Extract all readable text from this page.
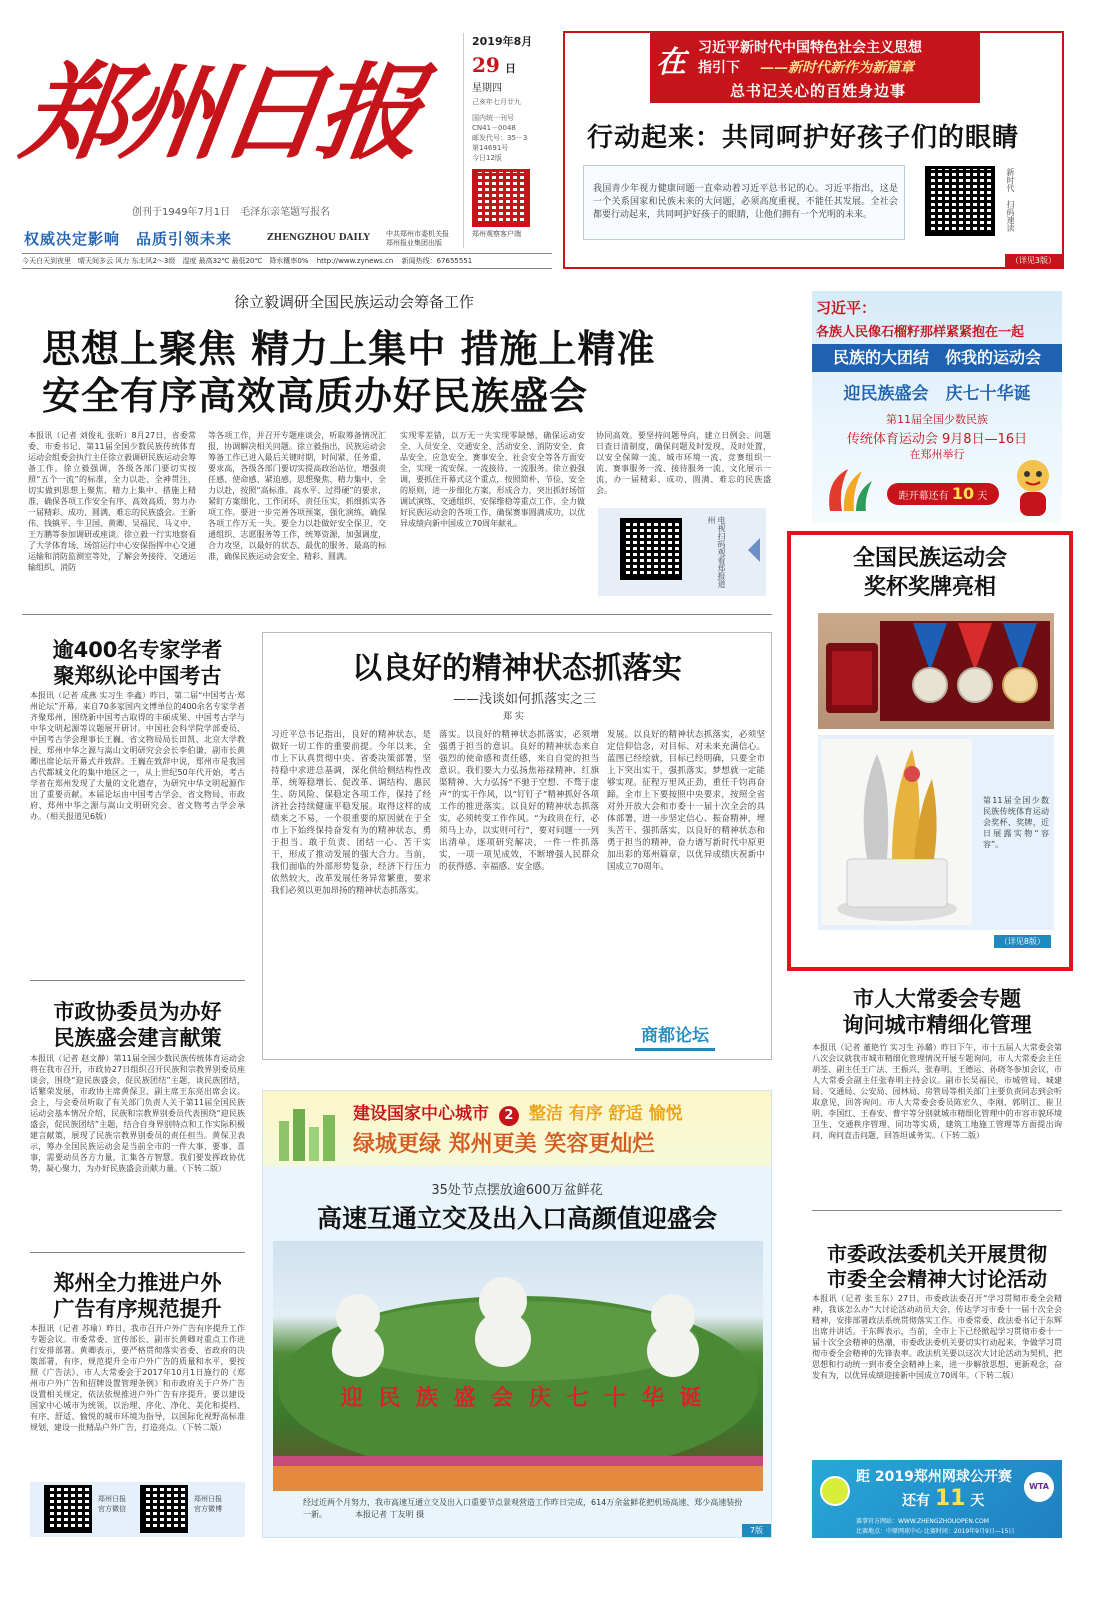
郑州日报
创刊于1949年7月1日　毛泽东亲笔题写报名
权威决定影响　品质引领未来	ZHENGZHOU DAILY 中共郑州市委机关报
郑州报业集团出版
2019年8月
29 日
星期四
己亥年七月廿九
国内统一刊号
CN41－0048
邮发代号：35－3
第14691号
今日12版
郑州观察客户端
在 习近平新时代中国特色社会主义思想
指引下 ——新时代新作为新篇章
总书记关心的百姓身边事
行动起来：共同呵护好孩子们的眼睛
我国青少年视力健康问题一直牵动着习近平总书记的心。习近平指出，这是一个关系国家和民族未来的大问题，必须高度重视，不能任其发展。全社会都要行动起来，共同呵护好孩子的眼睛，让他们拥有一个光明的未来。	新时代　扫码速读
（详见3版）
今天白天到夜里　晴天间多云 风力 东北风2～3级　湿度 最高32℃ 最低20℃　降水概率0% http://www.zynews.cn 新闻热线：67655551
徐立毅调研全国民族运动会筹备工作
思想上聚焦 精力上集中 措施上精准
安全有序高效高质办好民族盛会
本报讯（记者 刘俊礼 张昕）8月27日，省委常委、市委书记、第11届全国少数民族传统体育运动会组委会执行主任徐立毅调研民族运动会筹备工作。徐立毅强调，各级各部门要切实按照“五个一流”的标准，全力以赴、全神贯注，切实做到思想上聚焦、精力上集中、措施上精准，确保各项工作安全有序、高效高质，努力办一届精彩、成功、圆满、难忘的民族盛会。王新伟、钱镇平、牛卫国、黄卿、吴福民、马义中、王万鹏等参加调研或座谈。徐立毅一行实地察看了大学体育场、场馆运行中心安保指挥中心交通运输和消防监测室等处，了解会务接待、交通运输组织、消防
等各项工作，并召开专题座谈会，听取筹备情况汇报，协调解决相关问题。徐立毅指出，民族运动会筹备工作已进入最后关键时期，时间紧、任务重、要求高，各级各部门要切实提高政治站位，增强责任感、使命感、紧迫感，思想聚焦、精力集中、全力以赴，按照“高标准、高水平、过得硬”的要求，紧盯方案细化、工作闭环、责任压实，抓细抓实各项工作。要进一步完善各项预案，强化演练，确保各项工作万无一失。要全力以赴做好安全保卫、交通组织、志愿服务等工作，统筹资源，加强调度，合力攻坚，以最好的状态、最优的服务、最高的标准，确保民族运动会安全、精彩、圆满。
实现零差错，以万无一失实现零缺憾，确保运动安全、人员安全、交通安全、活动安全、消防安全、食品安全、应急安全、赛事安全、社会安全等各方面安全，实现一流安保、一流接待、一流服务。徐立毅强调，要抓住开幕式这个重点，按照简朴、节俭、安全的原则，进一步细化方案，形成合力，突出抓好场馆调试演练、交通组织、安保维稳等重点工作，全力做好民族运动会的各项工作，确保赛事圆满成功，以优异成绩向新中国成立70周年献礼。
协同高效。要坚持问题导向，建立日例会、问题日查日清制度，确保问题及时发现、及时处置，以安全保障一流、城市环境一流、竞赛组织一流、赛事服务一流、接待服务一流、文化展示一流，办一届精彩、成功、圆满、难忘的民族盛会。
电视扫码观看郑报道州
习近平：
各族人民像石榴籽那样紧紧抱在一起
民族的大团结　你我的运动会
迎民族盛会　庆七十华诞
第11届全国少数民族
传统体育运动会 9月8日—16日
在郑州举行
距开幕还有 10 天
全国民族运动会
奖杯奖牌亮相
第11届全国少数民族传统体育运动会奖杯、奖牌，近日展露实物“容容”。
（详见8版）
逾400名专家学者
聚郑纵论中国考古
本报讯（记者 成燕 实习生 李鑫）昨日，第二届“中国考古·郑州论坛”开幕。来自70多家国内文博单位的400余名专家学者齐聚郑州，围绕新中国考古取得的丰硕成果、中国考古学与中华文明起源等议题展开研讨。中国社会科学院学部委员、中国考古学会理事长王巍、省文物局局长田凯、北京大学教授、郑州中华之源与嵩山文明研究会会长李伯谦、副市长黄卿出席论坛开幕式并致辞。王巍在致辞中说，郑州市是我国古代都城文化的集中地区之一，从上世纪50年代开始，考古学者在郑州发现了大量的文化遗存，为研究中华文明起源作出了重要贡献。本届论坛由中国考古学会、省文物局、市政府、郑州中华之源与嵩山文明研究会、省文物考古学会承办。（相关报道见6版）
市政协委员为办好
民族盛会建言献策
本报讯（记者 赵文静）第11届全国少数民族传统体育运动会将在我市召开，市政协27日组织召开民族和宗教界别委员座谈会，围绕“迎民族盛会，促民族团结”主题，谈民族团结，话繁荣发展，市政协主席黄保卫、副主席王东亮出席会议。会上，与会委员听取了有关部门负责人关于第11届全国民族运动会基本情况介绍，民族和宗教界别委员代表围绕“迎民族盛会，促民族团结”主题，结合自身界别特点和工作实际积极建言献策，展现了民族宗教界别委员的责任担当。黄保卫表示，筹办全国民族运动会是当前全市的一件大事、要事、喜事，需要动员各方力量，汇集各方智慧。我们要发挥政协优势，凝心聚力，为办好民族盛会贡献力量。（下转二版）
郑州全力推进户外
广告有序规范提升
本报讯（记者 苏瑜）昨日，我市召开户外广告有序提升工作专题会议。市委常委、宣传部长、副市长黄卿对重点工作进行安排部署。黄卿表示，要严格贯彻落实省委、省政府的决策部署，有序、规范提升全市户外广告的质量和水平，要按照《广告法》、市人大常委会于2017年10月1日施行的《郑州市户外广告和招牌设置管理条例》和市政府关于户外广告设置相关规定，依法依规推进户外广告有序提升，要以建设国家中心城市为统领，以治理、序化、净化、美化和提档、有序、舒适、愉悦的城市环境为指导，以国际化视野高标准规划，建设一批精品户外广告，打造亮点。（下转二版）
郑州日报
官方微信
郑州日报
官方微博
以良好的精神状态抓落实
——浅谈如何抓落实之三
郑 实
习近平总书记指出，良好的精神状态，是做好一切工作的重要前提。今年以来，全市上下认真贯彻中央、省委决策部署，坚持稳中求进总基调，深化供给侧结构性改革，统筹稳增长、促改革、调结构、惠民生、防风险、保稳定各项工作，保持了经济社会持续健康平稳发展。取得这样的成绩来之不易，一个很重要的原因就在于全市上下始终保持奋发有为的精神状态，勇于担当、敢于负责、团结一心、苦干实干，形成了推动发展的强大合力。当前，我们面临的外部形势复杂，经济下行压力依然较大，改革发展任务异常繁重，要求我们必须以更加昂扬的精神状态抓落实。
落实。以良好的精神状态抓落实，必须增强勇于担当的意识。良好的精神状态来自强烈的使命感和责任感，来自自觉的担当意识。我们要大力弘扬焦裕禄精神、红旗渠精神、大力弘扬“不驰于空想、不骛于虚声”的实干作风，以“钉钉子”精神抓好各项工作的推进落实。以良好的精神状态抓落实，必须转变工作作风。“为政贵在行，必须马上办，以实则可行”，要对问题一一列出清单，逐项研究解决，一件一件抓落实，一项一项见成效，不断增强人民群众的获得感、幸福感、安全感。
发展。以良好的精神状态抓落实，必须坚定信仰信念，对目标、对未来充满信心。蓝图已经绘就，目标已经明确，只要全市上下突出实干，强抓落实，梦想就一定能够实现。征程万里风正劲，重任千钧再奋蹄。全市上下要按照中央要求，按照全省对外开放大会和市委十一届十次全会的具体部署，进一步坚定信心、振奋精神，埋头苦干、强抓落实，以良好的精神状态和勇于担当的精神，奋力谱写新时代中原更加出彩的郑州篇章，以优异成绩庆祝新中国成立70周年。
商都论坛
建设国家中心城市 2 整洁 有序 舒适 愉悦
绿城更绿 郑州更美 笑容更灿烂
35处节点摆放逾600万盆鲜花
高速互通立交及出入口高颜值迎盛会
迎 民 族 盛 会 庆 七 十 华 诞
经过近两个月努力，我市高速互通立交及出入口重要节点景观营造工作昨日完成，614万余盆鲜花把机场高速、郑少高速装扮一新。　　　　本报记者 丁友明 摄
7版
市人大常委会专题
询问城市精细化管理
本报讯（记者 董艳竹 实习生 孙璐）昨日下午，市十五届人大常委会第八次会议就我市城市精细化管理情况开展专题询问，市人大常委会主任胡荃、副主任王广法、王振兴、张春明、王德运、孙晓冬参加会议，市人大常委会副主任张春明主持会议。副市长吴福民，市城管局、城建局、交通局、公安局、园林局、房管局等相关部门主要负责同志到会听取意见，回答询问。市人大常委会委员陈宏久、李刚、郭明江、崔卫明、李国红、王春安、曹宇等分别就城市精细化管理中的市容市貌环境卫生、交通秩序管理、同功等实质，建筑工地施工管理等方面提出询问，询问直击问题，回答坦诚务实。（下转二版）
市委政法委机关开展贯彻
市委全会精神大讨论活动
本报讯（记者 张玉东）27日，市委政法委召开“学习贯彻市委全会精神，我该怎么办”大讨论活动动员大会，传达学习市委十一届十次全会精神，安排部署政法系统贯彻落实工作。市委常委、政法委书记于东辉出席并讲话。于东辉表示，当前，全市上下已经掀起学习贯彻市委十一届十次全会精神的热潮，市委政法委机关要切实行动起来，争做学习贯彻市委全会精神的先锋表率。政法机关要以这次大讨论活动为契机，把思想和行动统一到市委全会精神上来，进一步解放思想、更新观念，奋发有为，以优异成绩迎接新中国成立70周年。（下转二版）
距 2019郑州网球公开赛
还有 11 天
WTA
赛事官方网站：WWW.ZHENGZHOUOPEN.COM
比赛地点：中原网球中心 比赛时间：2019年9月9日—15日
